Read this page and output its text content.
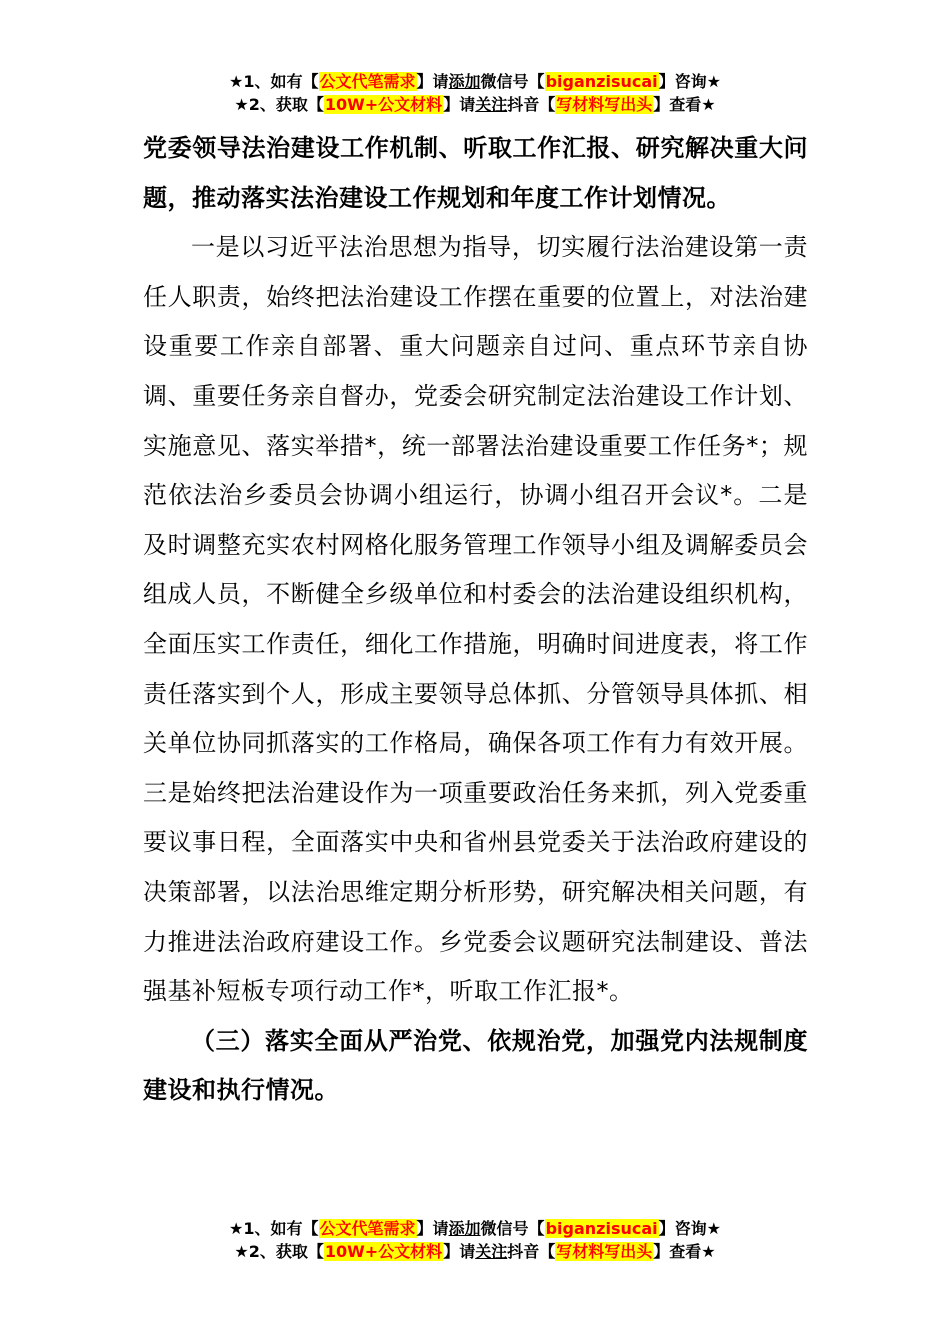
★1、如有【公文代笔需求】请添加微信号【biganzisucai】咨询★
★2、获取【10W+公文材料】请关注抖音【写材料写出头】查看★

党委领导法治建设工作机制、听取工作汇报、研究解决重大问题，推动落实法治建设工作规划和年度工作计划情况。

一是以习近平法治思想为指导，切实履行法治建设第一责任人职责，始终把法治建设工作摆在重要的位置上，对法治建设重要工作亲自部署、重大问题亲自过问、重点环节亲自协调、重要任务亲自督办，党委会研究制定法治建设工作计划、实施意见、落实举措*，统一部署法治建设重要工作任务*；规范依法治乡委员会协调小组运行，协调小组召开会议*。二是及时调整充实农村网格化服务管理工作领导小组及调解委员会组成人员，不断健全乡级单位和村委会的法治建设组织机构，全面压实工作责任，细化工作措施，明确时间进度表，将工作责任落实到个人，形成主要领导总体抓、分管领导具体抓、相关单位协同抓落实的工作格局，确保各项工作有力有效开展。三是始终把法治建设作为一项重要政治任务来抓，列入党委重要议事日程，全面落实中央和省州县党委关于法治政府建设的决策部署，以法治思维定期分析形势，研究解决相关问题，有力推进法治政府建设工作。乡党委会议题研究法制建设、普法强基补短板专项行动工作*，听取工作汇报*。

（三）落实全面从严治党、依规治党，加强党内法规制度建设和执行情况。

★1、如有【公文代笔需求】请添加微信号【biganzisucai】咨询★
★2、获取【10W+公文材料】请关注抖音【写材料写出头】查看★
